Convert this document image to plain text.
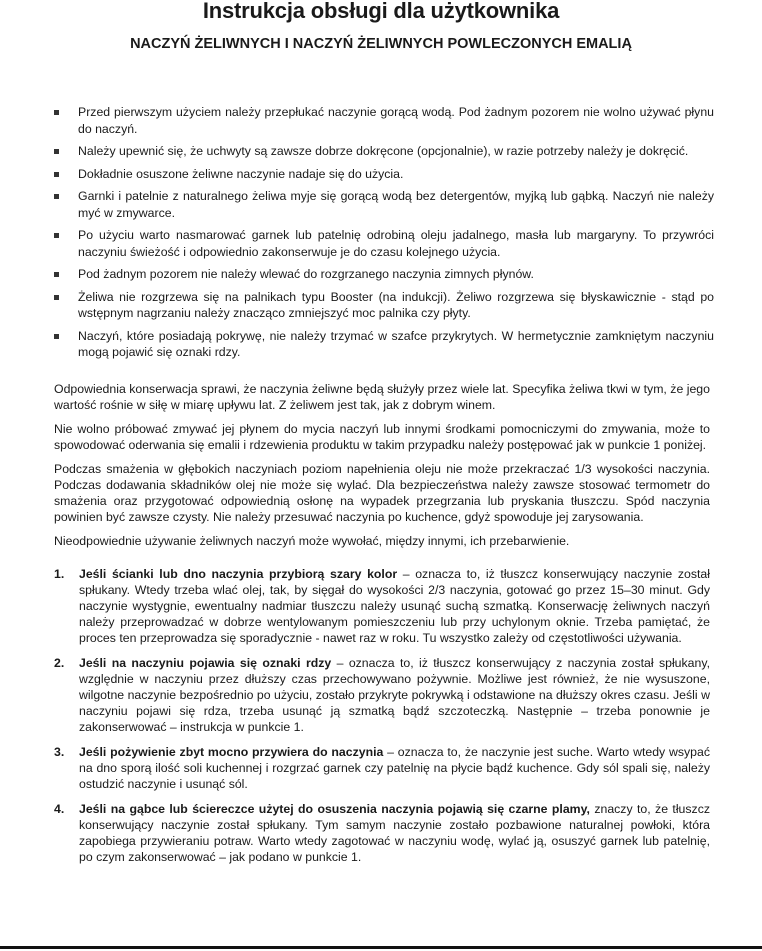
Instrukcja obsługi dla użytkownika
NACZYŃ ŻELIWNYCH I NACZYŃ ŻELIWNYCH POWLECZONYCH EMALIĄ
Przed pierwszym użyciem należy przepłukać naczynie gorącą wodą. Pod żadnym pozorem nie wolno używać płynu do naczyń.
Należy upewnić się, że uchwyty są zawsze dobrze dokręcone (opcjonalnie), w razie potrzeby należy je dokręcić.
Dokładnie osuszone żeliwne naczynie nadaje się do użycia.
Garnki i patelnie z naturalnego żeliwa myje się gorącą wodą bez detergentów, myjką lub gąbką. Naczyń nie należy myć w zmywarce.
Po użyciu warto nasmarować garnek lub patelnię odrobiną oleju jadalnego, masła lub margaryny. To przywróci naczyniu świeżość i odpowiednio zakonserwuje je do czasu kolejnego użycia.
Pod żadnym pozorem nie należy wlewać do rozgrzanego naczynia zimnych płynów.
Żeliwa nie rozgrzewa się na palnikach typu Booster (na indukcji). Żeliwo rozgrzewa się błyskawicznie - stąd po wstępnym nagrzaniu należy znacząco zmniejszyć moc palnika czy płyty.
Naczyń, które posiadają pokrywę, nie należy trzymać w szafce przykrytych. W hermetycznie zamkniętym naczyniu mogą pojawić się oznaki rdzy.

Odpowiednia konserwacja sprawi, że naczynia żeliwne będą służyły przez wiele lat. Specyfika żeliwa tkwi w tym, że jego wartość rośnie w siłę w miarę upływu lat. Z żeliwem jest tak, jak z dobrym winem.

Nie wolno próbować zmywać jej płynem do mycia naczyń lub innymi środkami pomocniczymi do zmywania, może to spowodować oderwania się emalii i rdzewienia produktu w takim przypadku należy postępować jak w punkcie 1 poniżej.

Podczas smażenia w głębokich naczyniach poziom napełnienia oleju nie może przekraczać 1/3 wysokości naczynia. Podczas dodawania składników olej nie może się wylać. Dla bezpieczeństwa należy zawsze stosować termometr do smażenia oraz przygotować odpowiednią osłonę na wypadek przegrzania lub pryskania tłuszczu. Spód naczynia powinien być zawsze czysty. Nie należy przesuwać naczynia po kuchence, gdyż spowoduje jej zarysowania.

Nieodpowiednie używanie żeliwnych naczyń może wywołać, między innymi, ich przebarwienie.

1. Jeśli ścianki lub dno naczynia przybiorą szary kolor – oznacza to, iż tłuszcz konserwujący naczynie został spłukany. Wtedy trzeba wlać olej, tak, by sięgał do wysokości 2/3 naczynia, gotować go przez 15–30 minut. Gdy naczynie wystygnie, ewentualny nadmiar tłuszczu należy usunąć suchą szmatką. Konserwację żeliwnych naczyń należy przeprowadzać w dobrze wentylowanym pomieszczeniu lub przy uchylonym oknie. Trzeba pamiętać, że proces ten przeprowadza się sporadycznie - nawet raz w roku. Tu wszystko zależy od częstotliwości używania.
2. Jeśli na naczyniu pojawia się oznaki rdzy – oznacza to, iż tłuszcz konserwujący z naczynia został spłukany, względnie w naczyniu przez dłuższy czas przechowywano pożywnie. Możliwe jest również, że nie wysuszone, wilgotne naczynie bezpośrednio po użyciu, zostało przykryte pokrywką i odstawione na dłuższy okres czasu. Jeśli w naczyniu pojawi się rdza, trzeba usunąć ją szmatką bądź szczoteczką. Następnie – trzeba ponownie je zakonserwować – instrukcja w punkcie 1.
3. Jeśli pożywienie zbyt mocno przywiera do naczynia – oznacza to, że naczynie jest suche. Warto wtedy wsypać na dno sporą ilość soli kuchennej i rozgrzać garnek czy patelnię na płycie bądź kuchence. Gdy sól spali się, należy ostudzić naczynie i usunąć sól.
4. Jeśli na gąbce lub ściereczce użytej do osuszenia naczynia pojawią się czarne plamy, znaczy to, że tłuszcz konserwujący naczynie został spłukany. Tym samym naczynie zostało pozbawione naturalnej powłoki, która zapobiega przywieraniu potraw. Warto wtedy zagotować w naczyniu wodę, wylać ją, osuszyć garnek lub patelnię, po czym zakonserwować – jak podano w punkcie 1.
